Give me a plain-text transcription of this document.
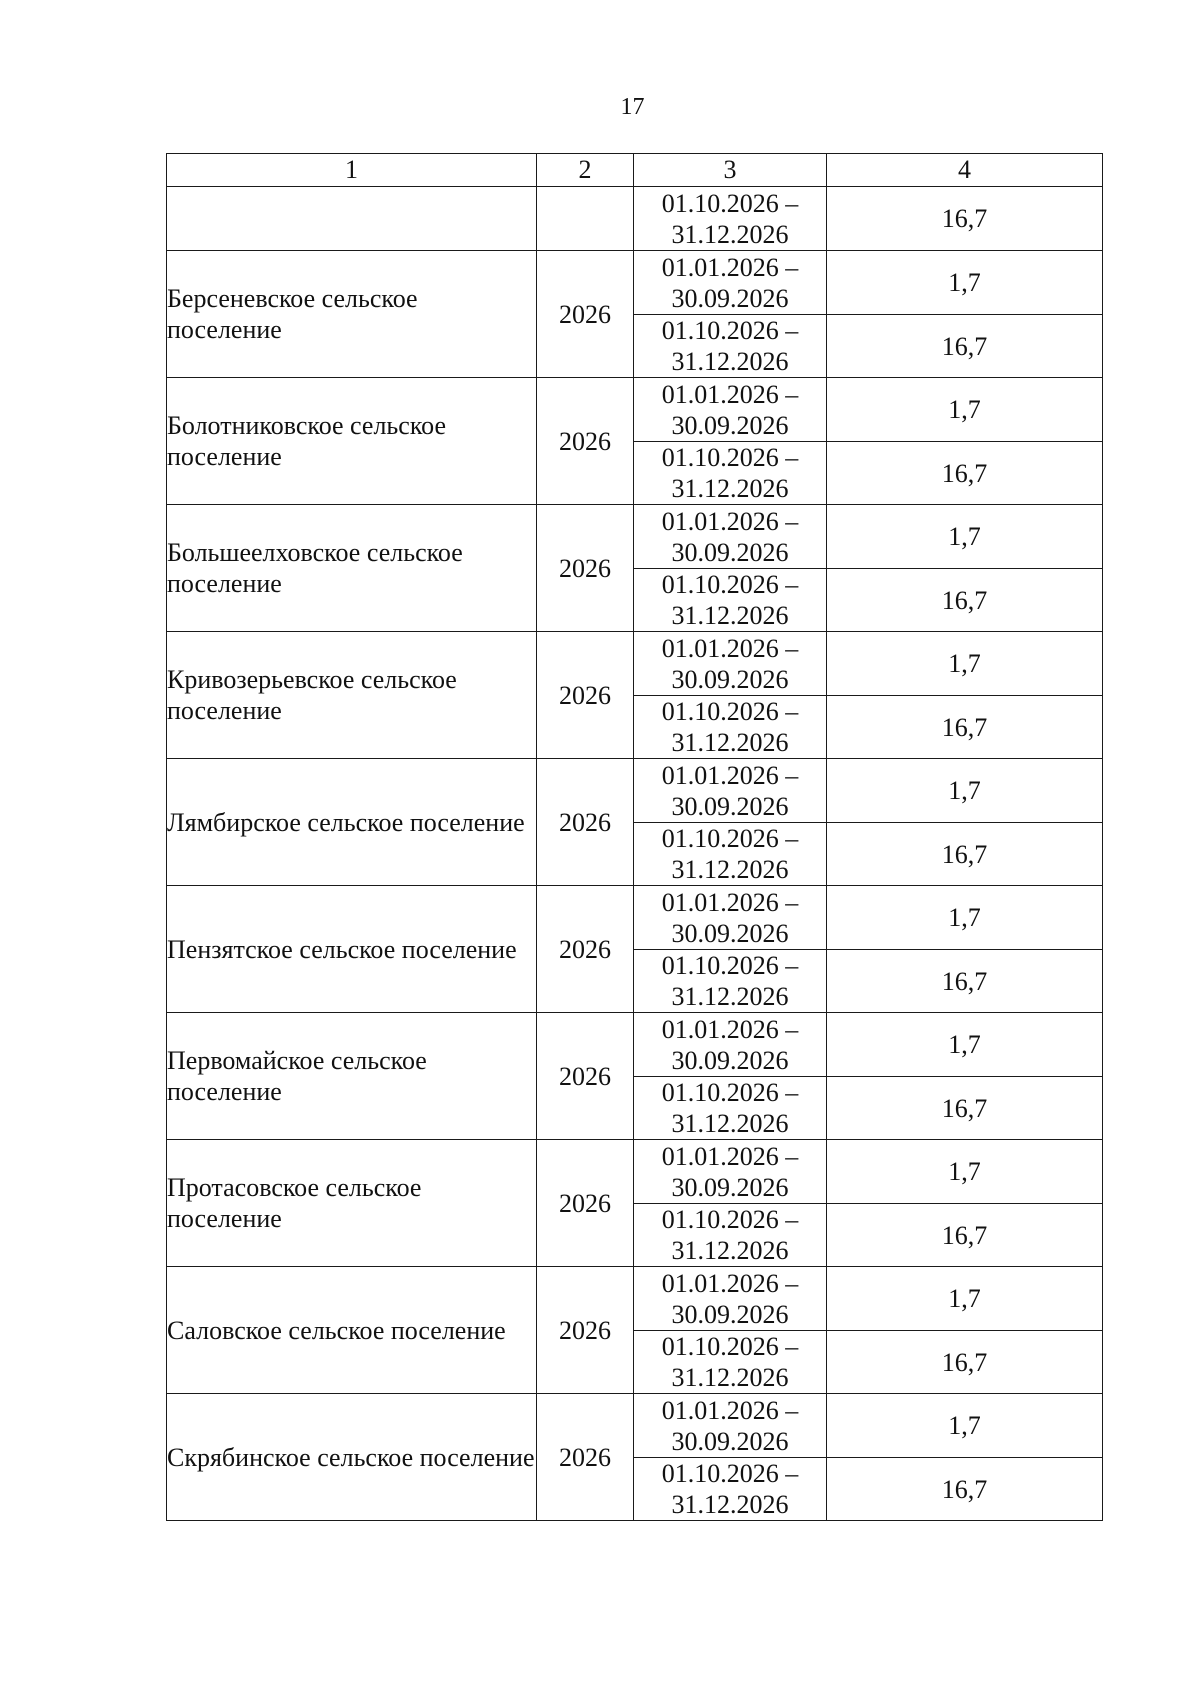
17
1	2	3	4

		01.10.2026 –
31.12.2026	16,7
Берсеневское сельское поселение	2026	01.01.2026 –
30.09.2026	1,7

		01.10.2026 –
31.12.2026	16,7
Болотниковское сельское поселение	2026	01.01.2026 –
30.09.2026	1,7

		01.10.2026 –
31.12.2026	16,7
Большеелховское сельское поселение	2026	01.01.2026 –
30.09.2026	1,7

		01.10.2026 –
31.12.2026	16,7
Кривозерьевское сельское поселение	2026	01.01.2026 –
30.09.2026	1,7

		01.10.2026 –
31.12.2026	16,7
Лямбирское сельское поселение	2026	01.01.2026 –
30.09.2026	1,7

		01.10.2026 –
31.12.2026	16,7
Пензятское сельское поселение	2026	01.01.2026 –
30.09.2026	1,7

		01.10.2026 –
31.12.2026	16,7
Первомайское сельское поселение	2026	01.01.2026 –
30.09.2026	1,7

		01.10.2026 –
31.12.2026	16,7
Протасовское сельское поселение	2026	01.01.2026 –
30.09.2026	1,7

		01.10.2026 –
31.12.2026	16,7
Саловское сельское поселение	2026	01.01.2026 –
30.09.2026	1,7

		01.10.2026 –
31.12.2026	16,7
Скрябинское сельское поселение	2026	01.01.2026 –
30.09.2026	1,7

		01.10.2026 –
31.12.2026	16,7
